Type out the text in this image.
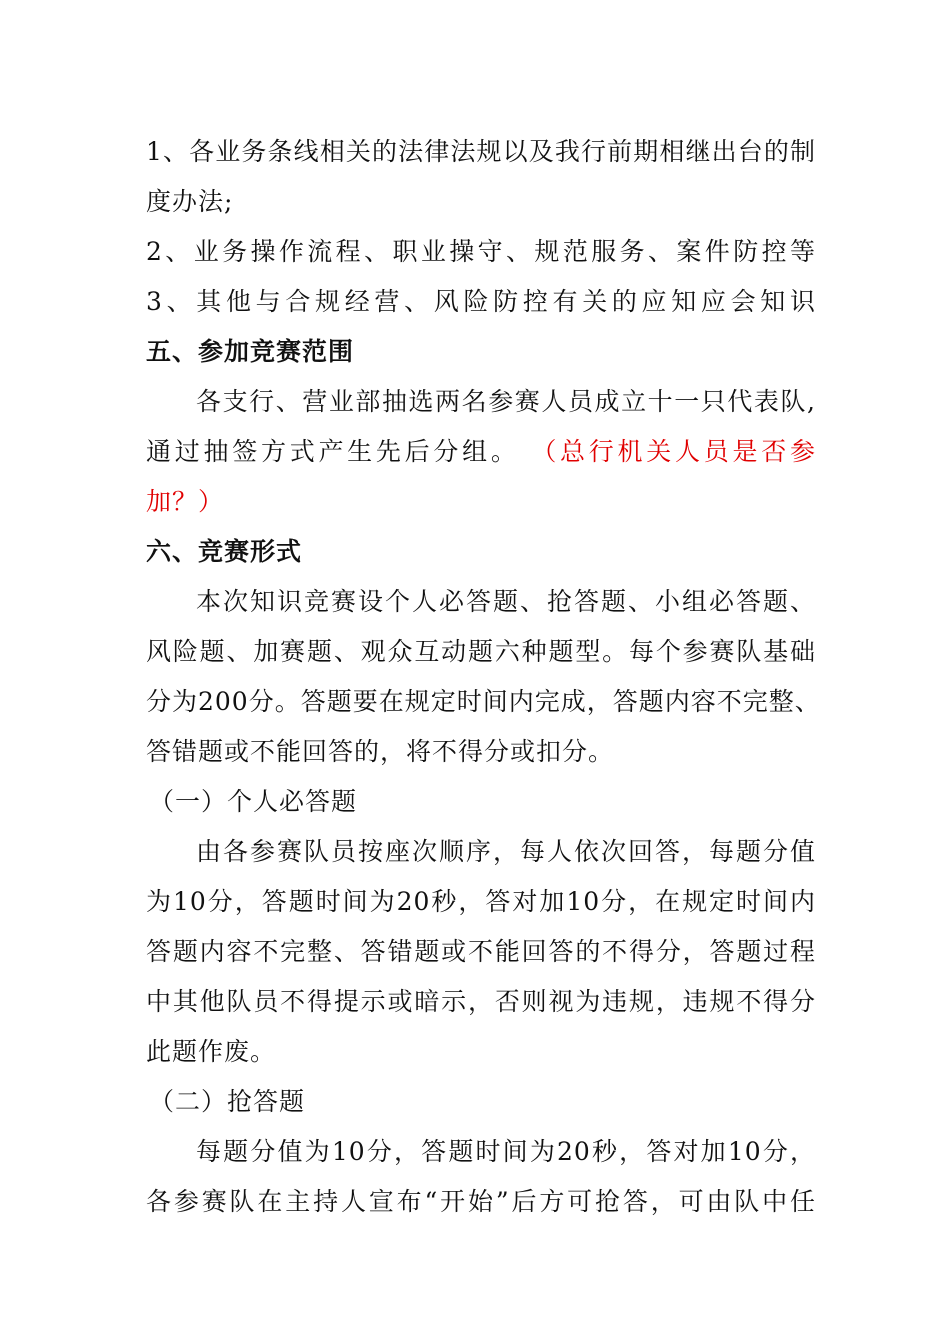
1、各业务条线相关的法律法规以及我行前期相继出台的制
度办法;
2、业务操作流程、职业操守、规范服务、案件防控等
3、其他与合规经营、风险防控有关的应知应会知识
五、参加竞赛范围
各支行、营业部抽选两名参赛人员成立十一只代表队,
通过抽签方式产生先后分组。 （总行机关人员是否参
加？）
六、竞赛形式
本次知识竞赛设个人必答题、抢答题、小组必答题、
风险题、加赛题、观众互动题六种题型。每个参赛队基础
分为200分。答题要在规定时间内完成，答题内容不完整、
答错题或不能回答的，将不得分或扣分。
（一）个人必答题
由各参赛队员按座次顺序，每人依次回答，每题分值
为10分，答题时间为20秒，答对加10分，在规定时间内
答题内容不完整、答错题或不能回答的不得分，答题过程
中其他队员不得提示或暗示，否则视为违规，违规不得分
此题作废。
（二）抢答题
每题分值为10分，答题时间为20秒，答对加10分，
各参赛队在主持人宣布“开始”后方可抢答，可由队中任
